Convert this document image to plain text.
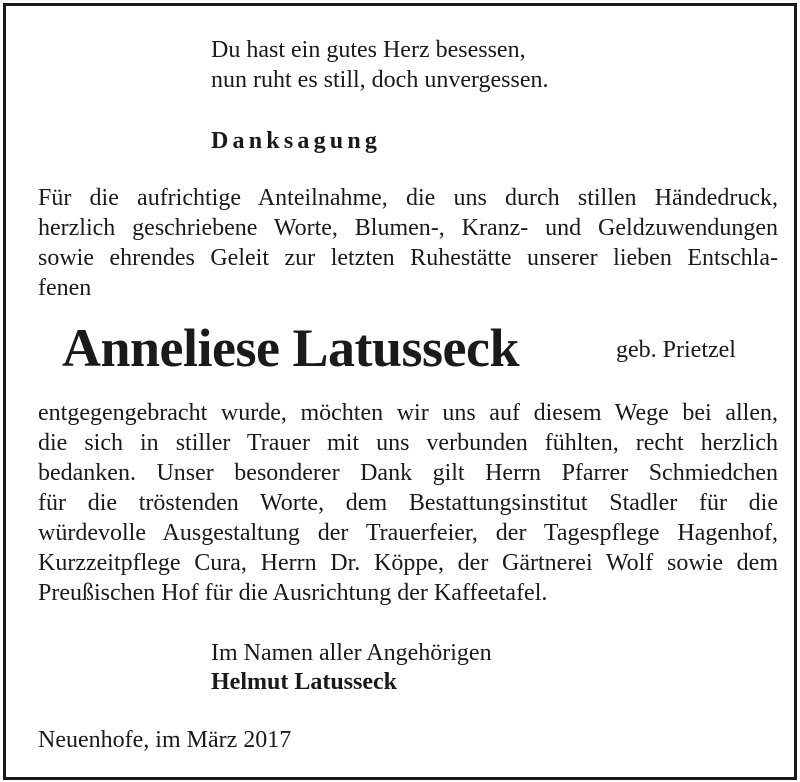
Du hast ein gutes Herz besessen,
nun ruht es still, doch unvergessen.
Danksagung
Für die aufrichtige Anteilnahme, die uns durch stillen Händedruck,
herzlich geschriebene Worte, Blumen-, Kranz- und Geldzuwendungen
sowie ehrendes Geleit zur letzten Ruhestätte unserer lieben Entschla-
fenen
Anneliese Latusseck	geb. Prietzel
entgegengebracht wurde, möchten wir uns auf diesem Wege bei allen,
die sich in stiller Trauer mit uns verbunden fühlten, recht herzlich
bedanken. Unser besonderer Dank gilt Herrn Pfarrer Schmiedchen
für die tröstenden Worte, dem Bestattungsinstitut Stadler für die
würdevolle Ausgestaltung der Trauerfeier, der Tagespflege Hagenhof,
Kurzzeitpflege Cura, Herrn Dr. Köppe, der Gärtnerei Wolf sowie dem
Preußischen Hof für die Ausrichtung der Kaffeetafel.
Im Namen aller Angehörigen
Helmut Latusseck
Neuenhofe, im März 2017
